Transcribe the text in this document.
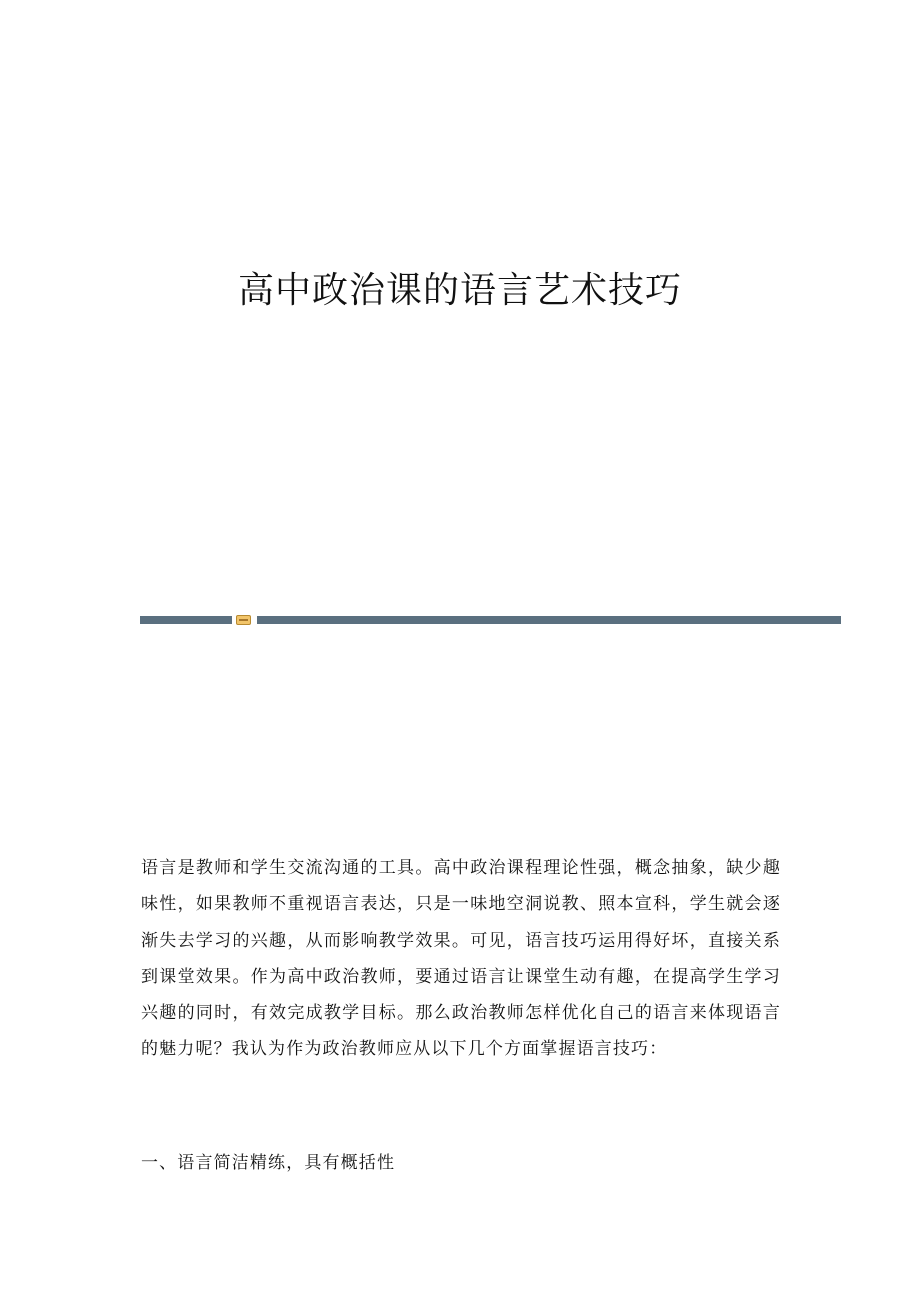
高中政治课的语言艺术技巧

语言是教师和学生交流沟通的工具。高中政治课程理论性强，概念抽象，缺少趣味性，如果教师不重视语言表达，只是一味地空洞说教、照本宣科，学生就会逐渐失去学习的兴趣，从而影响教学效果。可见，语言技巧运用得好坏，直接关系到课堂效果。作为高中政治教师，要通过语言让课堂生动有趣，在提高学生学习兴趣的同时，有效完成教学目标。那么政治教师怎样优化自己的语言来体现语言的魅力呢？我认为作为政治教师应从以下几个方面掌握语言技巧：

一、语言简洁精练，具有概括性
